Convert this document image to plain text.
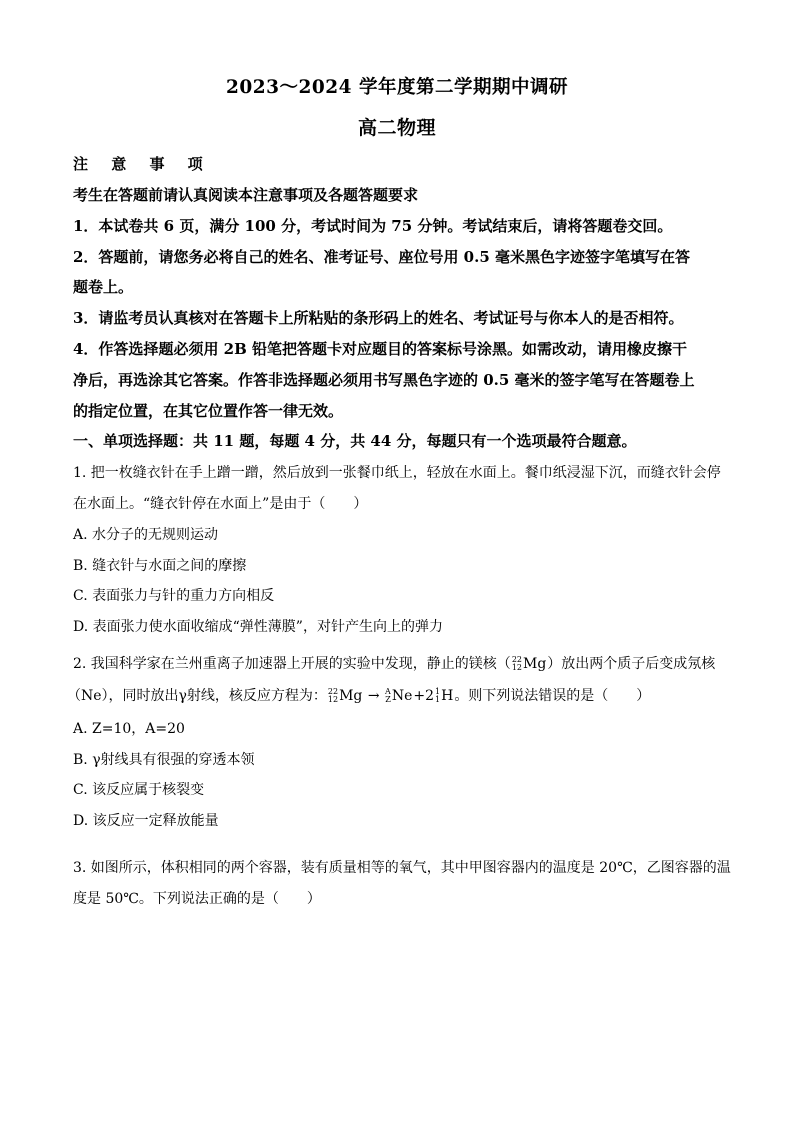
2023～2024 学年度第二学期期中调研
高二物理
注 意 事 项
考生在答题前请认真阅读本注意事项及各题答题要求
1．本试卷共 6 页，满分 100 分，考试时间为 75 分钟。考试结束后，请将答题卷交回。
2．答题前，请您务必将自己的姓名、准考证号、座位号用 0.5 毫米黑色字迹签字笔填写在答
题卷上。
3．请监考员认真核对在答题卡上所粘贴的条形码上的姓名、考试证号与你本人的是否相符。
4．作答选择题必须用 2B 铅笔把答题卡对应题目的答案标号涂黑。如需改动，请用橡皮擦干
净后，再选涂其它答案。作答非选择题必须用书写黑色字迹的 0.5 毫米的签字笔写在答题卷上
的指定位置，在其它位置作答一律无效。
一、单项选择题：共 11 题，每题 4 分，共 44 分，每题只有一个选项最符合题意。
1. 把一枚缝衣针在手上蹭一蹭，然后放到一张餐巾纸上，轻放在水面上。餐巾纸浸湿下沉，而缝衣针会停
在水面上。“缝衣针停在水面上”是由于（　　）
A. 水分子的无规则运动
B. 缝衣针与水面之间的摩擦
C. 表面张力与针的重力方向相反
D. 表面张力使水面收缩成“弹性薄膜”，对针产生向上的弹力
2. 我国科学家在兰州重离子加速器上开展的实验中发现，静止的镁核（ 22
12 Mg）放出两个质子后变成氖核
（Ne），同时放出γ射线，核反应方程为： 22
12 Mg → A
Z Ne+2 1
1 H。则下列说法错误的是（　　）
A. Z=10，A=20
B. γ射线具有很强的穿透本领
C. 该反应属于核裂变
D. 该反应一定释放能量
3. 如图所示，体积相同的两个容器，装有质量相等的氧气，其中甲图容器内的温度是 20℃，乙图容器的温
度是 50℃。下列说法正确的是（　　）
